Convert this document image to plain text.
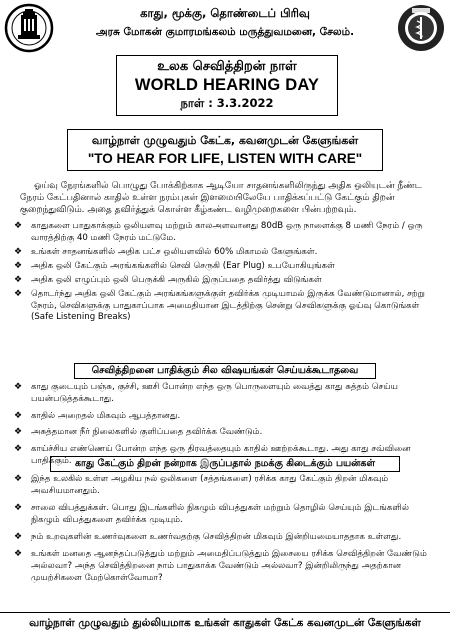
காது, மூக்கு, தொண்டைப் பிரிவு
அரசு மோகன் குமாரமங்கலம் மருத்துவமனை, சேலம்.
உலக செவித்திறன் நாள்
WORLD HEARING DAY
நாள் : 3.3.2022
வாழ்நாள் முழுவதும் கேட்க, கவனமுடன் கேளுங்கள்
"TO HEAR FOR LIFE, LISTEN WITH CARE"
ஓய்வு நேரங்களில் பொழுது போக்கிற்காக ஆடியோ சாதனங்களிலிருந்து அதிக ஒலியுடன் நீண்ட நேரம் கேட்பதினால் காதில் உள்ள நரம்புகள் இளமையிலேயே பாதிக்கப்பட்டு கேட்கும் திறன் குறைந்துவிடும். அதை தவிர்த்துக் கொள்ள கீழ்கண்ட வழிமுறைகளை பின்பற்றவும்.
❖ காதுகளை பாதுகாக்கும் ஒலியளவு மற்றும் காலஅளவானது 80dB ஒரு நாளைக்கு 8 மணி நேரம் / ஒரு வாரத்திற்கு 40 மணி நேரம் மட்டுமே.
❖ உங்கள் சாதனங்களில் அதிக பட்ச ஒலியளவில் 60% மிகாமல் கேளுங்கள்.
❖ அதிக ஒலி கேட்கும் அரங்கங்களில் செவி செருகி (Ear Plug) உபயோகியுங்கள்
❖ அதிக ஒலி எழுப்பும் ஒலி பெருக்கி அருகில் இருப்பதை தவிர்த்து விடுங்கள்
❖ தொடர்ந்து அதிக ஒலி கேட்கும் அரங்கங்களுக்குள் தவிர்க்க முடியாமல் இருக்க வேண்டுமானால், சற்று நேரம், செவிகளுக்கு பாதுகாப்பாக அமைதியான இடத்திற்கு சென்று செவிகளுக்கு ஓய்வு கொடுங்கள் (Safe Listening Breaks)
செவித்திறனை பாதிக்கும் சில விஷயங்கள் செய்யக்கூடாதவை
❖ காது குடையும் பஞ்சு, குச்சி, ஊசி போன்ற எந்த ஒரு பொருளையும் வைத்து காது சுத்தம் செய்ய பயன்படுத்தக்கூடாது.
❖ காதில் அறைதல் மிகவும் ஆபத்தானது.
❖ அசுத்தமான நீர் நிலைகளில் குளிப்பதை தவிர்க்க வேண்டும்.
❖ காய்ச்சிய எண்ணெய் போன்ற எந்த ஒரு திரவத்தையும் காதில் ஊற்றக்கூடாது. அது காது சவ்வினை பாதிக்கும். காது கேட்கும் திறன் நன்றாக இருப்பதால் நமக்கு கிடைக்கும் பயன்கள்
❖ இந்த உலகில் உள்ள அழகிய நல் ஒலிகளை (சத்தங்களை) ரசிக்க காது கேட்கும் திறன் மிகவும் அவசியமானதும்.
❖ சாலை விபத்துக்கள். பொது இடங்களில் நிகழும் விபத்துகள் மற்றும் தொழில் செய்யும் இடங்களில் நிகழும் விபத்துகளை தவிர்க்க முடியும்.
❖ நம் உறவுகளின் உணர்வுகளை உணர்வதற்கு செவித்திறன் மிகவும் இன்றியமையாததாக உள்ளது.
❖ உங்கள் மனதை ஆனந்தப்படுத்தும் மற்றும் அமைதிப்படுத்தும் இசையை ரசிக்க செவித்திறன் வேண்டும் அல்லவா? அந்த செவித்திறனை நாம் பாதுகாக்க வேண்டும் அல்லவா? இன்றிலிருந்து அதற்கான முயற்சிகளை மேற்கொள்வோமா?
வாழ்நாள் முழுவதும் துல்லியமாக உங்கள் காதுகள் கேட்க கவனமுடன் கேளுங்கள்
